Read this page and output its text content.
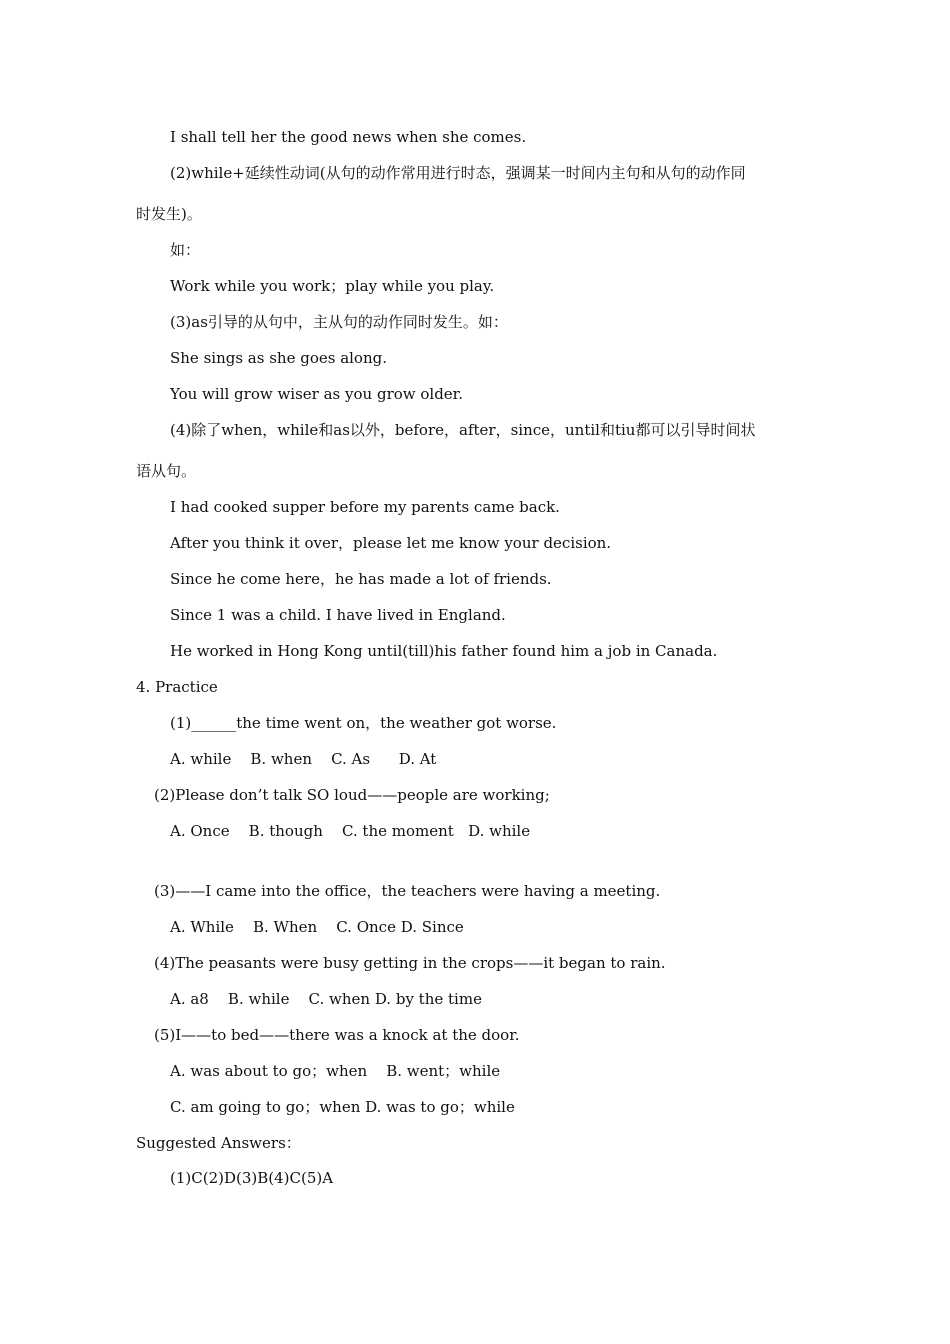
I shall tell her the good news when she comes.
(2)while+延续性动词(从句的动作常用进行时态，强调某一时间内主句和从句的动作同
时发生)。
如：
Work while you work；play while you play.
(3)as引导的从句中，主从句的动作同时发生。如：
She sings as she goes along.
You will grow wiser as you grow older.
(4)除了when，while和as以外，before，after，since，until和tiu都可以引导时间状
语从句。
I had cooked supper before my parents came back.
After you think it over，please let me know your decision.
Since he come here，he has made a lot of friends.
Since 1 was a child. I have lived in England.
He worked in Hong Kong until(till)his father found him a job in Canada.
4. Practice
(1)______the time went on，the weather got worse.
A. while    B. when    C. As      D. At
(2)Please don’t talk SO loud——people are working;
A. Once    B. though    C. the moment   D. while
(3)——I came into the office，the teachers were having a meeting.
A. While    B. When    C. Once D. Since
(4)The peasants were busy getting in the crops——it began to rain.
A. a8    B. while    C. when D. by the time
(5)I——to bed——there was a knock at the door.
A. was about to go；when    B. went；while
C. am going to go；when D. was to go；while
Suggested Answers：
(1)C(2)D(3)B(4)C(5)A
